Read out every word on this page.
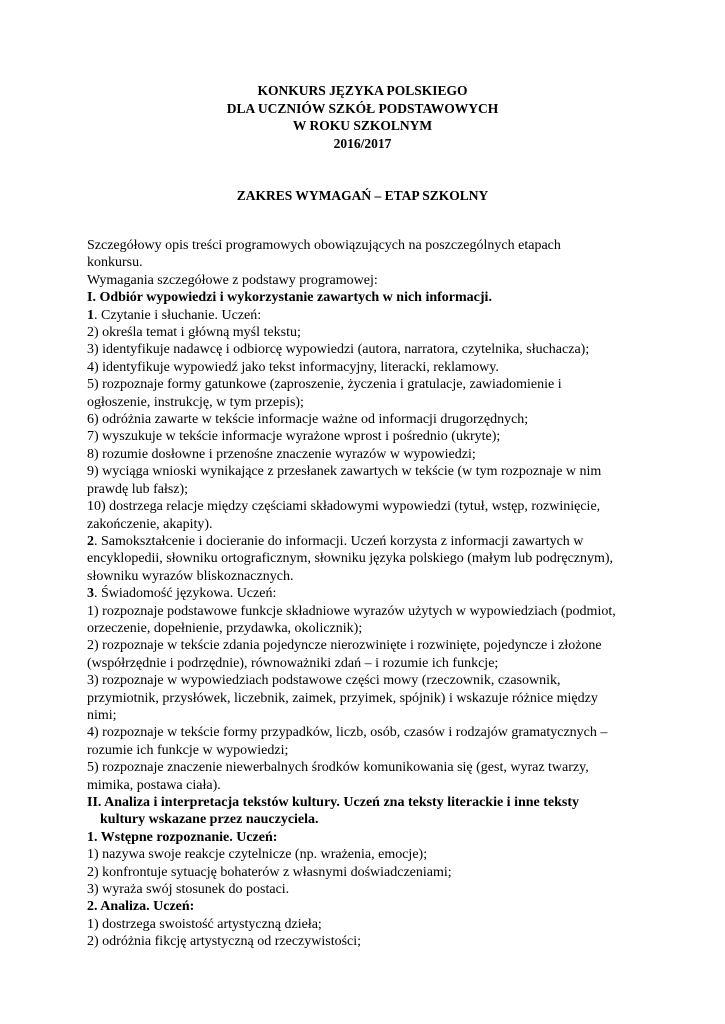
KONKURS JĘZYKA POLSKIEGO
DLA UCZNIÓW SZKÓŁ PODSTAWOWYCH
W ROKU SZKOLNYM
2016/2017
ZAKRES WYMAGAŃ – ETAP SZKOLNY
Szczegółowy opis treści programowych obowiązujących na poszczególnych etapach
konkursu.
Wymagania szczegółowe z podstawy programowej:
I. Odbiór wypowiedzi i wykorzystanie zawartych w nich informacji.
1. Czytanie i słuchanie. Uczeń:
2) określa temat i główną myśl tekstu;
3) identyfikuje nadawcę i odbiorcę wypowiedzi (autora, narratora, czytelnika, słuchacza);
4) identyfikuje wypowiedź jako tekst informacyjny, literacki, reklamowy.
5) rozpoznaje formy gatunkowe (zaproszenie, życzenia i gratulacje, zawiadomienie i
ogłoszenie, instrukcję, w tym przepis);
6) odróżnia zawarte w tekście informacje ważne od informacji drugorzędnych;
7) wyszukuje w tekście informacje wyrażone wprost i pośrednio (ukryte);
8) rozumie dosłowne i przenośne znaczenie wyrazów w wypowiedzi;
9) wyciąga wnioski wynikające z przesłanek zawartych w tekście (w tym rozpoznaje w nim
prawdę lub fałsz);
10) dostrzega relacje między częściami składowymi wypowiedzi (tytuł, wstęp, rozwinięcie,
zakończenie, akapity).
2. Samokształcenie i docieranie do informacji. Uczeń korzysta z informacji zawartych w
encyklopedii, słowniku ortograficznym, słowniku języka polskiego (małym lub podręcznym),
słowniku wyrazów bliskoznacznych.
3. Świadomość językowa. Uczeń:
1) rozpoznaje podstawowe funkcje składniowe wyrazów użytych w wypowiedziach (podmiot,
orzeczenie, dopełnienie, przydawka, okolicznik);
2) rozpoznaje w tekście zdania pojedyncze nierozwinięte i rozwinięte, pojedyncze i złożone
(współrzędnie i podrzędnie), równoważniki zdań – i rozumie ich funkcje;
3) rozpoznaje w wypowiedziach podstawowe części mowy (rzeczownik, czasownik,
przymiotnik, przysłówek, liczebnik, zaimek, przyimek, spójnik) i wskazuje różnice między
nimi;
4) rozpoznaje w tekście formy przypadków, liczb, osób, czasów i rodzajów gramatycznych –
rozumie ich funkcje w wypowiedzi;
5) rozpoznaje znaczenie niewerbalnych środków komunikowania się (gest, wyraz twarzy,
mimika, postawa ciała).
II. Analiza i interpretacja tekstów kultury. Uczeń zna teksty literackie i inne teksty
kultury wskazane przez nauczyciela.
1. Wstępne rozpoznanie. Uczeń:
1) nazywa swoje reakcje czytelnicze (np. wrażenia, emocje);
2) konfrontuje sytuację bohaterów z własnymi doświadczeniami;
3) wyraża swój stosunek do postaci.
2. Analiza. Uczeń:
1) dostrzega swoistość artystyczną dzieła;
2) odróżnia fikcję artystyczną od rzeczywistości;
